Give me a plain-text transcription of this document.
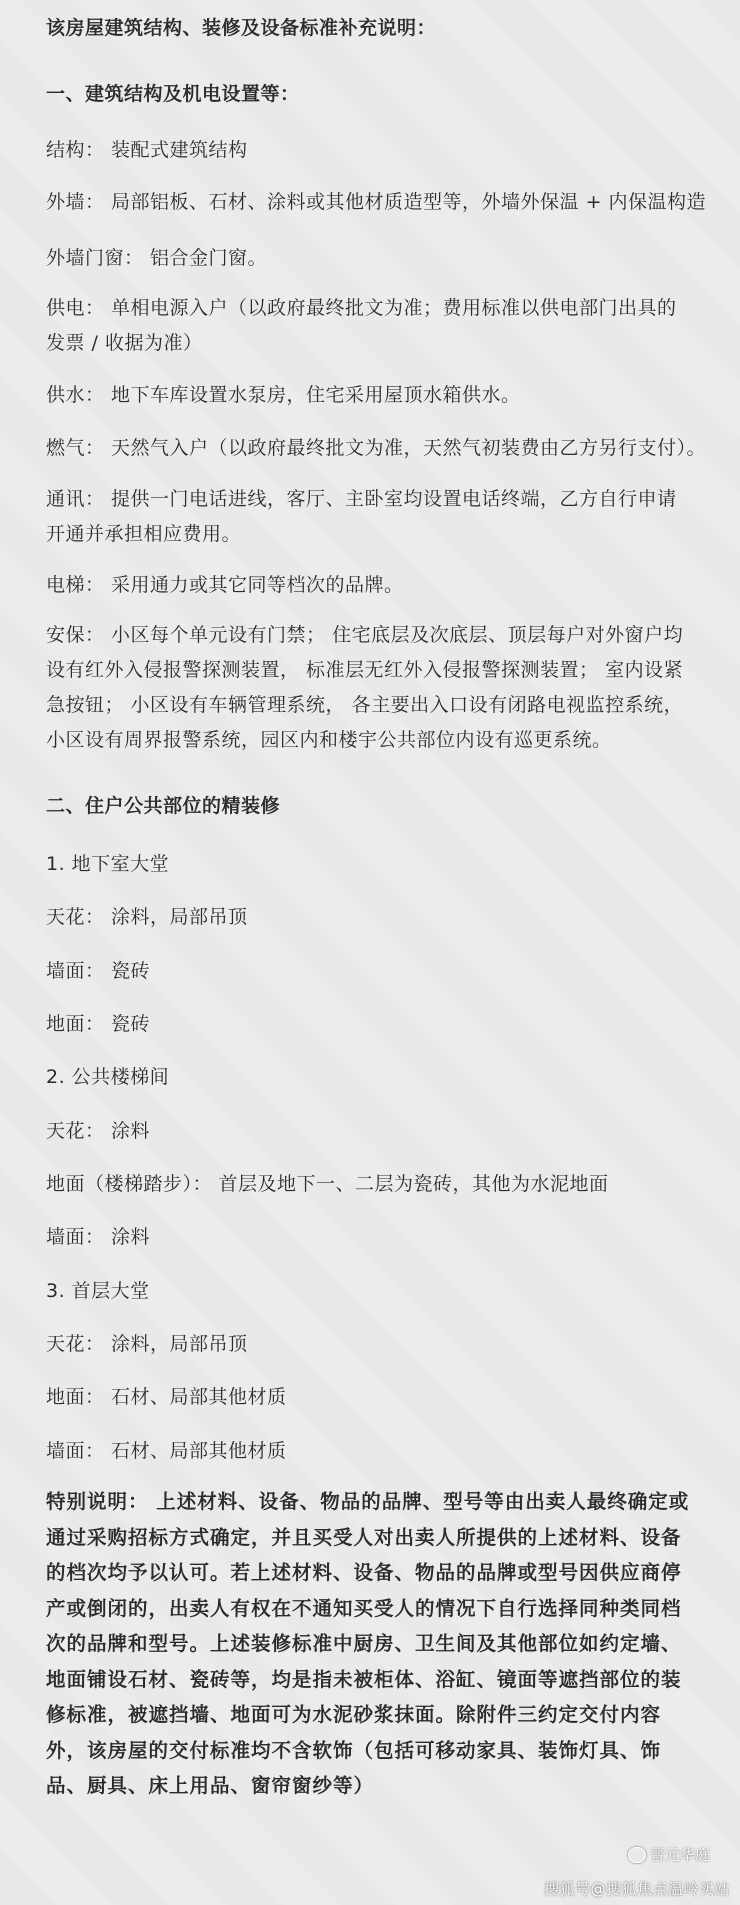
该房屋建筑结构、装修及设备标准补充说明：
一、建筑结构及机电设置等：
结构： 装配式建筑结构
外墙： 局部铝板、石材、涂料或其他材质造型等，外墙外保温 + 内保温构造
外墙门窗： 铝合金门窗。
供电： 单相电源入户（以政府最终批文为准；费用标准以供电部门出具的发票 / 收据为准）
供水： 地下车库设置水泵房，住宅采用屋顶水箱供水。
燃气： 天然气入户（以政府最终批文为准，天然气初装费由乙方另行支付）。
通讯： 提供一门电话进线，客厅、主卧室均设置电话终端，乙方自行申请开通并承担相应费用。
电梯： 采用通力或其它同等档次的品牌。
安保： 小区每个单元设有门禁； 住宅底层及次底层、顶层每户对外窗户均设有红外入侵报警探测装置， 标准层无红外入侵报警探测装置； 室内设紧急按钮； 小区设有车辆管理系统， 各主要出入口设有闭路电视监控系统， 小区设有周界报警系统，园区内和楼宇公共部位内设有巡更系统。
二、住户公共部位的精装修
1. 地下室大堂
天花： 涂料，局部吊顶
墙面： 瓷砖
地面： 瓷砖
2. 公共楼梯间
天花： 涂料
地面（楼梯踏步）： 首层及地下一、二层为瓷砖，其他为水泥地面
墙面： 涂料
3. 首层大堂
天花： 涂料，局部吊顶
地面： 石材、局部其他材质
墙面： 石材、局部其他材质
特别说明： 上述材料、设备、物品的品牌、型号等由出卖人最终确定或通过采购招标方式确定，并且买受人对出卖人所提供的上述材料、设备的档次均予以认可。若上述材料、设备、物品的品牌或型号因供应商停产或倒闭的，出卖人有权在不通知买受人的情况下自行选择同种类同档次的品牌和型号。上述装修标准中厨房、卫生间及其他部位如约定墙、地面铺设石材、瓷砖等，均是指未被柜体、浴缸、镜面等遮挡部位的装修标准，被遮挡墙、地面可为水泥砂浆抹面。除附件三约定交付内容外，该房屋的交付标准均不含软饰（包括可移动家具、装饰灯具、饰品、厨具、床上用品、窗帘窗纱等）
晋元华庭
搜狐号@搜狐焦点温岭买站
